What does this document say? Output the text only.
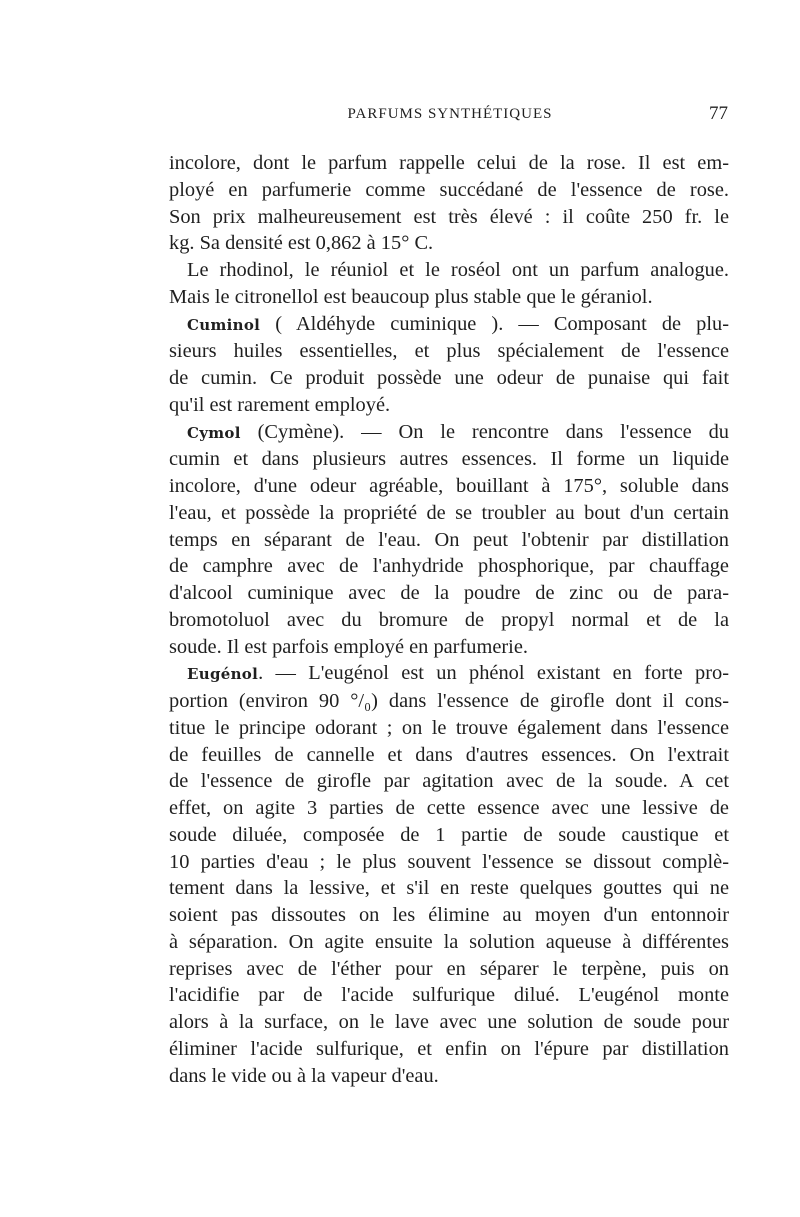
PARFUMS SYNTHÉTIQUES	77
incolore, dont le parfum rappelle celui de la rose. Il est em-
ployé en parfumerie comme succédané de l'essence de rose.
Son prix malheureusement est très élevé : il coûte 250 fr. le
kg. Sa densité est 0,862 à 15° C.
Le rhodinol, le réuniol et le roséol ont un parfum analogue.
Mais le citronellol est beaucoup plus stable que le géraniol.
Cuminol ( Aldéhyde cuminique ). — Composant de plu-
sieurs huiles essentielles, et plus spécialement de l'essence
de cumin. Ce produit possède une odeur de punaise qui fait
qu'il est rarement employé.
Cymol (Cymène). — On le rencontre dans l'essence du
cumin et dans plusieurs autres essences. Il forme un liquide
incolore, d'une odeur agréable, bouillant à 175°, soluble dans
l'eau, et possède la propriété de se troubler au bout d'un certain
temps en séparant de l'eau. On peut l'obtenir par distillation
de camphre avec de l'anhydride phosphorique, par chauffage
d'alcool cuminique avec de la poudre de zinc ou de para-
bromotoluol avec du bromure de propyl normal et de la
soude. Il est parfois employé en parfumerie.
Eugénol. — L'eugénol est un phénol existant en forte pro-
portion (environ 90 °/₀) dans l'essence de girofle dont il cons-
titue le principe odorant ; on le trouve également dans l'essence
de feuilles de cannelle et dans d'autres essences. On l'extrait
de l'essence de girofle par agitation avec de la soude. A cet
effet, on agite 3 parties de cette essence avec une lessive de
soude diluée, composée de 1 partie de soude caustique et
10 parties d'eau ; le plus souvent l'essence se dissout complè-
tement dans la lessive, et s'il en reste quelques gouttes qui ne
soient pas dissoutes on les élimine au moyen d'un entonnoir
à séparation. On agite ensuite la solution aqueuse à différentes
reprises avec de l'éther pour en séparer le terpène, puis on
l'acidifie par de l'acide sulfurique dilué. L'eugénol monte
alors à la surface, on le lave avec une solution de soude pour
éliminer l'acide sulfurique, et enfin on l'épure par distillation
dans le vide ou à la vapeur d'eau.
